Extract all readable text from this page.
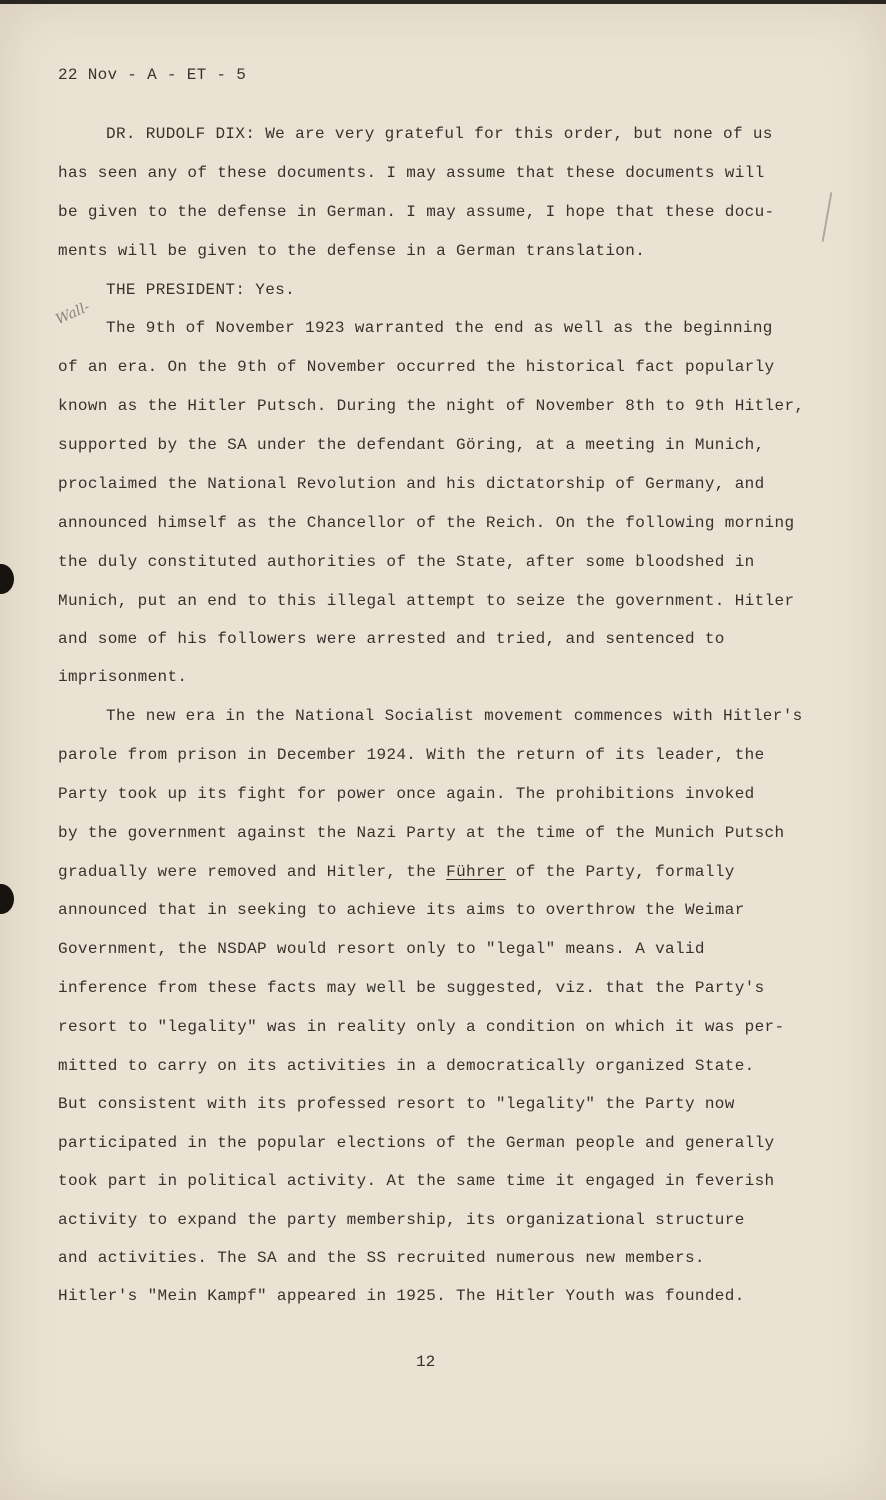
22 Nov - A - ET - 5
Wall-
DR. RUDOLF DIX: We are very grateful for this order, but none of us
has seen any of these documents. I may assume that these documents will
be given to the defense in German. I may assume, I hope that these docu-
ments will be given to the defense in a German translation.
THE PRESIDENT: Yes.
The 9th of November 1923 warranted the end as well as the beginning
of an era. On the 9th of November occurred the historical fact popularly
known as the Hitler Putsch. During the night of November 8th to 9th Hitler,
supported by the SA under the defendant Göring, at a meeting in Munich,
proclaimed the National Revolution and his dictatorship of Germany, and
announced himself as the Chancellor of the Reich. On the following morning
the duly constituted authorities of the State, after some bloodshed in
Munich, put an end to this illegal attempt to seize the government. Hitler
and some of his followers were arrested and tried, and sentenced to
imprisonment.
The new era in the National Socialist movement commences with Hitler's
parole from prison in December 1924. With the return of its leader, the
Party took up its fight for power once again. The prohibitions invoked
by the government against the Nazi Party at the time of the Munich Putsch
gradually were removed and Hitler, the Führer of the Party, formally
announced that in seeking to achieve its aims to overthrow the Weimar
Government, the NSDAP would resort only to "legal" means. A valid
inference from these facts may well be suggested, viz. that the Party's
resort to "legality" was in reality only a condition on which it was per-
mitted to carry on its activities in a democratically organized State.
But consistent with its professed resort to "legality" the Party now
participated in the popular elections of the German people and generally
took part in political activity. At the same time it engaged in feverish
activity to expand the party membership, its organizational structure
and activities. The SA and the SS recruited numerous new members.
Hitler's "Mein Kampf" appeared in 1925. The Hitler Youth was founded.
12
